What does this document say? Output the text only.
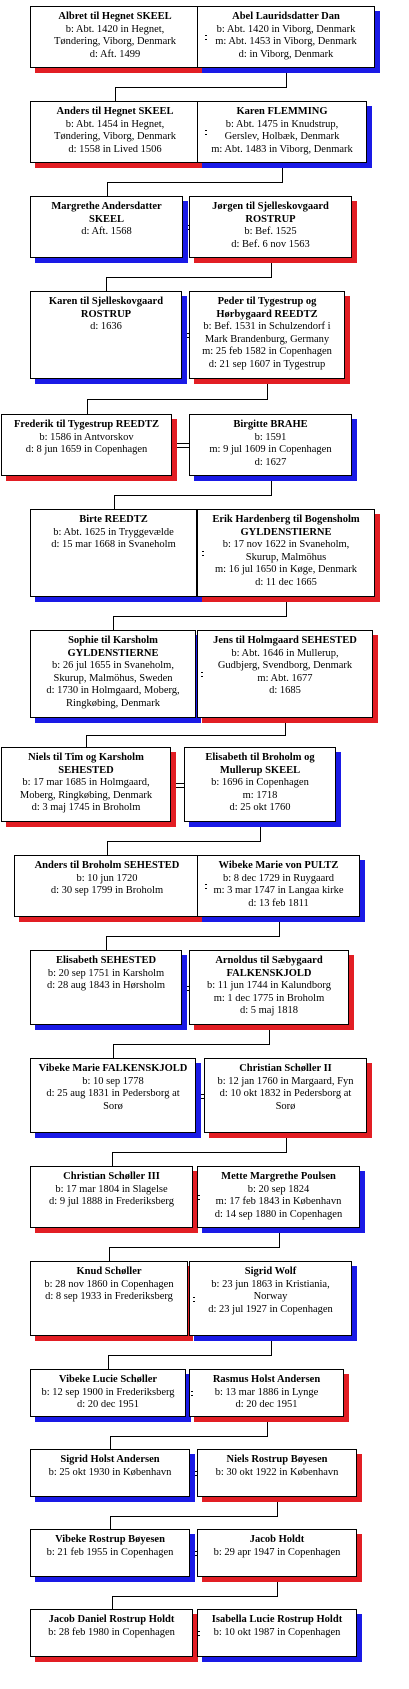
Albret til Hegnet SKEEL
b: Abt. 1420 in Hegnet,
Tøndering, Viborg, Denmark
d: Aft. 1499
Abel Lauridsdatter Dan
b: Abt. 1420 in Viborg, Denmark
m: Abt. 1453 in Viborg, Denmark
d: in Viborg, Denmark
Anders til Hegnet SKEEL
b: Abt. 1454 in Hegnet,
Tøndering, Viborg, Denmark
d: 1558 in Lived 1506
Karen FLEMMING
b: Abt. 1475 in Knudstrup,
Gerslev, Holbæk, Denmark
m: Abt. 1483 in Viborg, Denmark
Margrethe Andersdatter SKEEL
d: Aft. 1568
Jørgen til Sjelleskovgaard ROSTRUP
b: Bef. 1525
d: Bef. 6 nov 1563
Karen til Sjelleskovgaard ROSTRUP
d: 1636
Peder til Tygestrup og Hørbygaard REEDTZ
b: Bef. 1531 in Schulzendorf i
Mark Brandenburg, Germany
m: 25 feb 1582 in Copenhagen
d: 21 sep 1607 in Tygestrup
Frederik til Tygestrup REEDTZ
b: 1586 in Antvorskov
d: 8 jun 1659 in Copenhagen
Birgitte BRAHE
b: 1591
m: 9 jul 1609 in Copenhagen
d: 1627
Birte REEDTZ
b: Abt. 1625 in Tryggevælde
d: 15 mar 1668 in Svaneholm
Erik Hardenberg til Bogensholm GYLDENSTIERNE
b: 17 nov 1622 in Svaneholm,
Skurup, Malmöhus
m: 16 jul 1650 in Køge, Denmark
d: 11 dec 1665
Sophie til Karsholm GYLDENSTIERNE
b: 26 jul 1655 in Svaneholm,
Skurup, Malmöhus, Sweden
d: 1730 in Holmgaard, Moberg,
Ringkøbing, Denmark
Jens til Holmgaard SEHESTED
b: Abt. 1646 in Mullerup,
Gudbjerg, Svendborg, Denmark
m: Abt. 1677
d: 1685
Niels til Tim og Karsholm SEHESTED
b: 17 mar 1685 in Holmgaard,
Moberg, Ringkøbing, Denmark
d: 3 maj 1745 in Broholm
Elisabeth til Broholm og Mullerup SKEEL
b: 1696 in Copenhagen
m: 1718
d: 25 okt 1760
Anders til Broholm SEHESTED
b: 10 jun 1720
d: 30 sep 1799 in Broholm
Wibeke Marie von PULTZ
b: 8 dec 1729 in Ruygaard
m: 3 mar 1747 in Langaa kirke
d: 13 feb 1811
Elisabeth SEHESTED
b: 20 sep 1751 in Karsholm
d: 28 aug 1843 in Hørsholm
Arnoldus til Sæbygaard FALKENSKJOLD
b: 11 jun 1744 in Kalundborg
m: 1 dec 1775 in Broholm
d: 5 maj 1818
Vibeke Marie FALKENSKJOLD
b: 10 sep 1778
d: 25 aug 1831 in Pedersborg at
Sorø
Christian Schøller II
b: 12 jan 1760 in Margaard, Fyn
d: 10 okt 1832 in Pedersborg at
Sorø
Christian Schøller III
b: 17 mar 1804 in Slagelse
d: 9 jul 1888 in Frederiksberg
Mette Margrethe Poulsen
b: 20 sep 1824
m: 17 feb 1843 in København
d: 14 sep 1880 in Copenhagen
Knud Schøller
b: 28 nov 1860 in Copenhagen
d: 8 sep 1933 in Frederiksberg
Sigrid Wolf
b: 23 jun 1863 in Kristiania,
Norway
d: 23 jul 1927 in Copenhagen
Vibeke Lucie Schøller
b: 12 sep 1900 in Frederiksberg
d: 20 dec 1951
Rasmus Holst Andersen
b: 13 mar 1886 in Lynge
d: 20 dec 1951
Sigrid Holst Andersen
b: 25 okt 1930 in København
Niels Rostrup Bøyesen
b: 30 okt 1922 in København
Vibeke Rostrup Bøyesen
b: 21 feb 1955 in Copenhagen
Jacob Holdt
b: 29 apr 1947 in Copenhagen
Jacob Daniel Rostrup Holdt
b: 28 feb 1980 in Copenhagen
Isabella Lucie Rostrup Holdt
b: 10 okt 1987 in Copenhagen
